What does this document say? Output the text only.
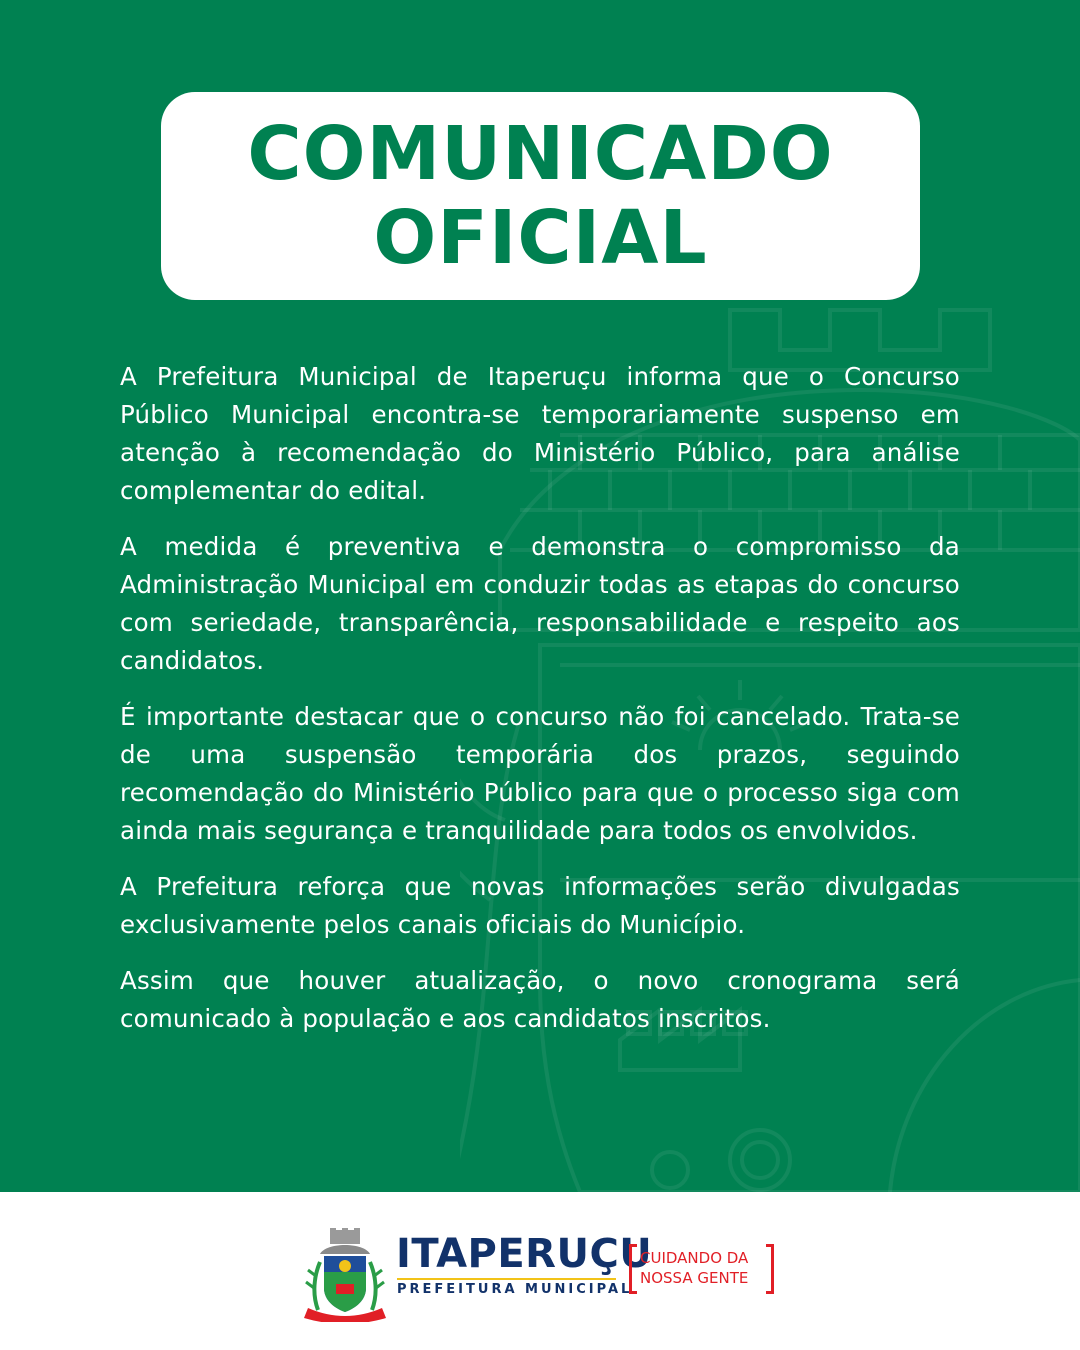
COMUNICADO
OFICIAL

A Prefeitura Municipal de Itaperuçu informa que o Concurso Público Municipal encontra-se temporariamente suspenso em atenção à recomendação do Ministério Público, para análise complementar do edital.

A medida é preventiva e demonstra o compromisso da Administração Municipal em conduzir todas as etapas do concurso com seriedade, transparência, responsabilidade e respeito aos candidatos.

É importante destacar que o concurso não foi cancelado. Trata-se de uma suspensão temporária dos prazos, seguindo recomendação do Ministério Público para que o processo siga com ainda mais segurança e tranquilidade para todos os envolvidos.

A Prefeitura reforça que novas informações serão divulgadas exclusivamente pelos canais oficiais do Município.

Assim que houver atualização, o novo cronograma será comunicado à população e aos candidatos inscritos.

ITAPERUÇU
PREFEITURA MUNICIPAL
CUIDANDO DA
NOSSA GENTE
